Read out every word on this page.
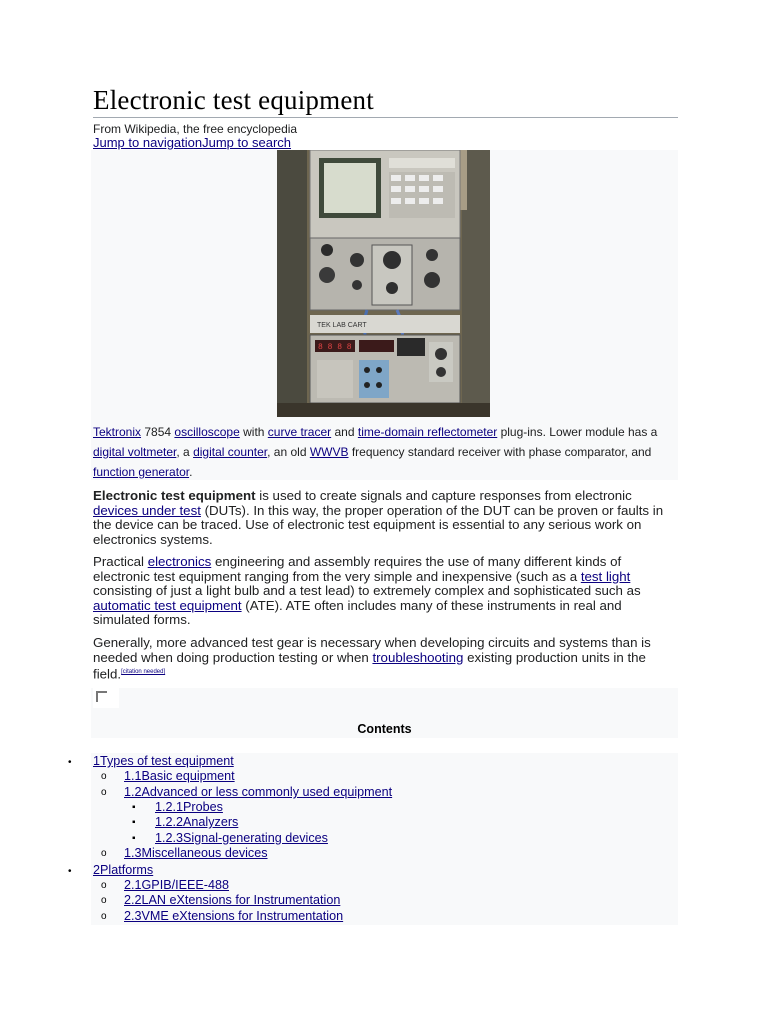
Electronic test equipment
From Wikipedia, the free encyclopedia
Jump to navigationJump to search
TEK LAB CART
8 8 8 8
Tektronix 7854 oscilloscope with curve tracer and time-domain reflectometer plug-ins. Lower module has a digital voltmeter, a digital counter, an old WWVB frequency standard receiver with phase comparator, and function generator.

Electronic test equipment is used to create signals and capture responses from electronic devices under test (DUTs). In this way, the proper operation of the DUT can be proven or faults in the device can be traced. Use of electronic test equipment is essential to any serious work on electronics systems.

Practical electronics engineering and assembly requires the use of many different kinds of electronic test equipment ranging from the very simple and inexpensive (such as a test light consisting of just a light bulb and a test lead) to extremely complex and sophisticated such as automatic test equipment (ATE). ATE often includes many of these instruments in real and simulated forms.

Generally, more advanced test gear is necessary when developing circuits and systems than is needed when doing production testing or when troubleshooting existing production units in the field.[citation needed]

Contents
• 1Types of test equipment
o 1.1Basic equipment
o 1.2Advanced or less commonly used equipment
▪ 1.2.1Probes
▪ 1.2.2Analyzers
▪ 1.2.3Signal-generating devices
o 1.3Miscellaneous devices
• 2Platforms
o 2.1GPIB/IEEE-488
o 2.2LAN eXtensions for Instrumentation
o 2.3VME eXtensions for Instrumentation
